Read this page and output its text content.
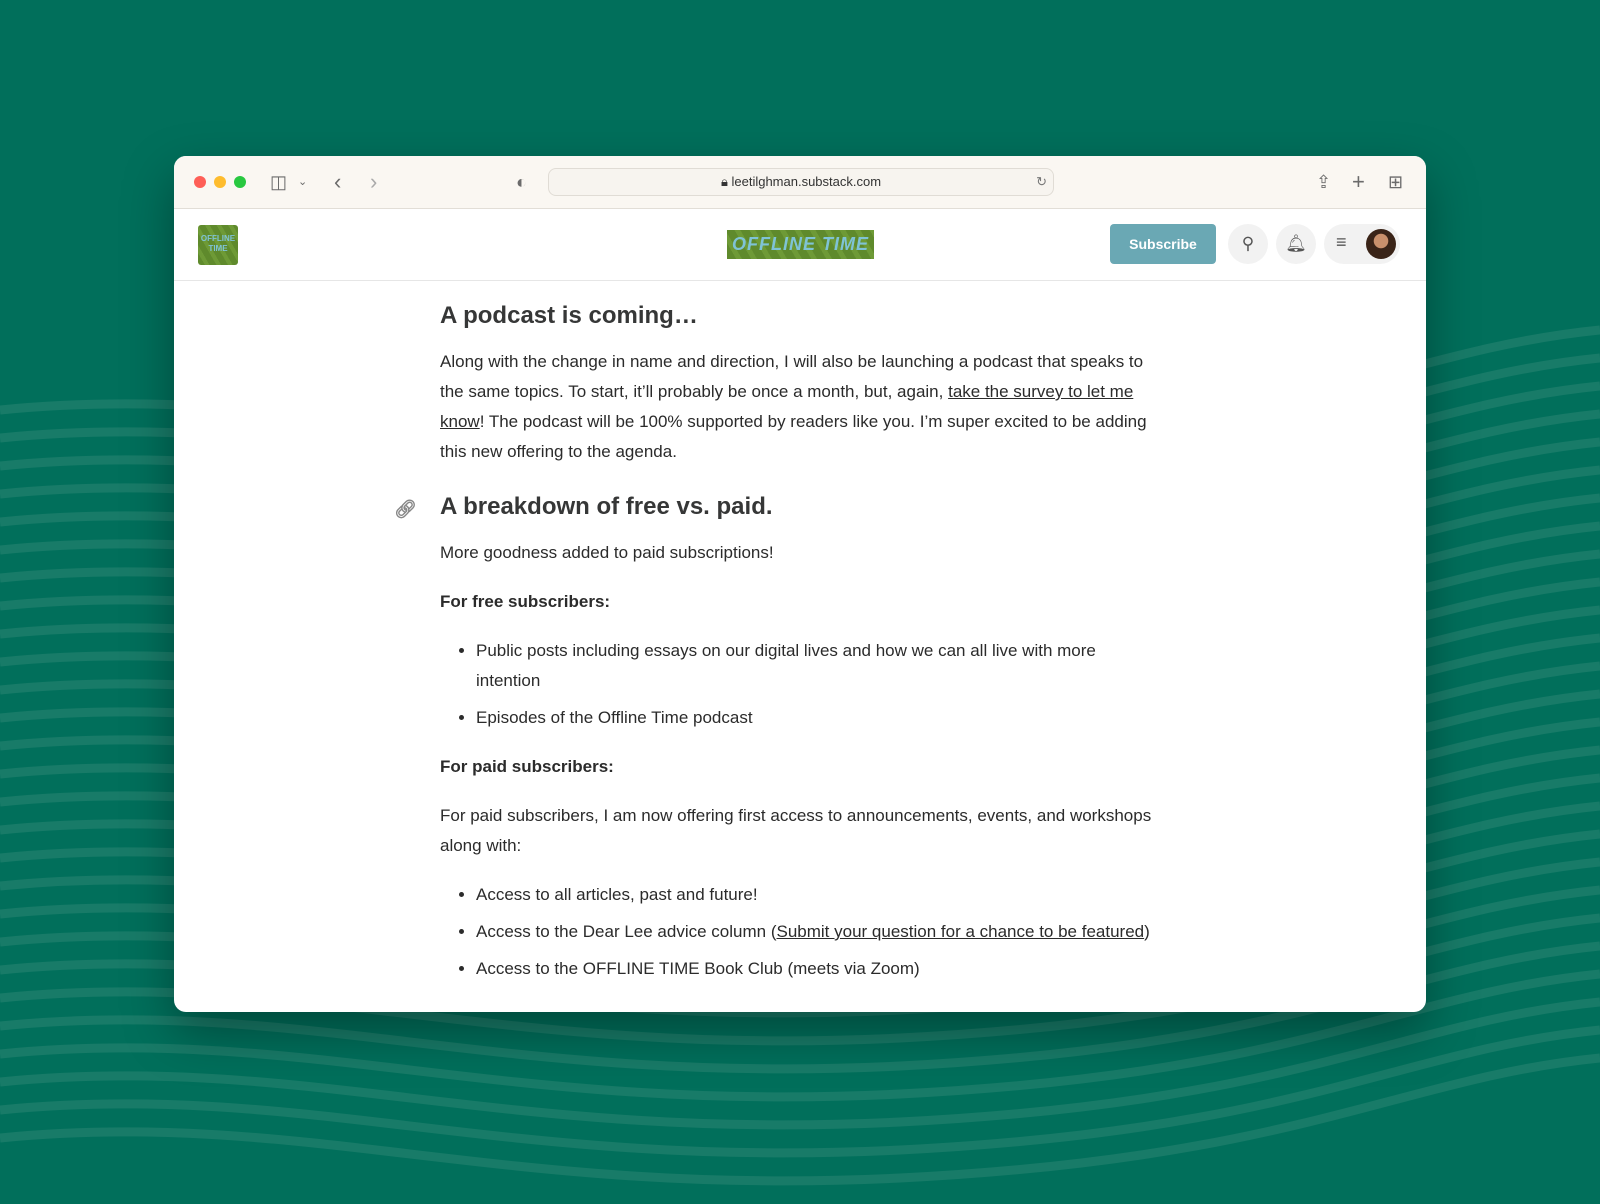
◫ ⌄ ‹ ›	◐	🔒︎ leetilghman.substack.com	↻	⇪ + ⊞
OFFLINE TIME	OFFLINE TIME	Subscribe	⚲	🔔︎	≡
A podcast is coming…

Along with the change in name and direction, I will also be launching a podcast that speaks to the same topics. To start, it’ll probably be once a month, but, again, take the survey to let me know! The podcast will be 100% supported by readers like you. I’m super excited to be adding this new offering to the agenda.

🔗︎ A breakdown of free vs. paid.

More goodness added to paid subscriptions!

For free subscribers:

• Public posts including essays on our digital lives and how we can all live with more intention
• Episodes of the Offline Time podcast

For paid subscribers:

For paid subscribers, I am now offering first access to announcements, events, and workshops along with:

• Access to all articles, past and future!
• Access to the Dear Lee advice column (Submit your question for a chance to be featured)
• Access to the OFFLINE TIME Book Club (meets via Zoom)
